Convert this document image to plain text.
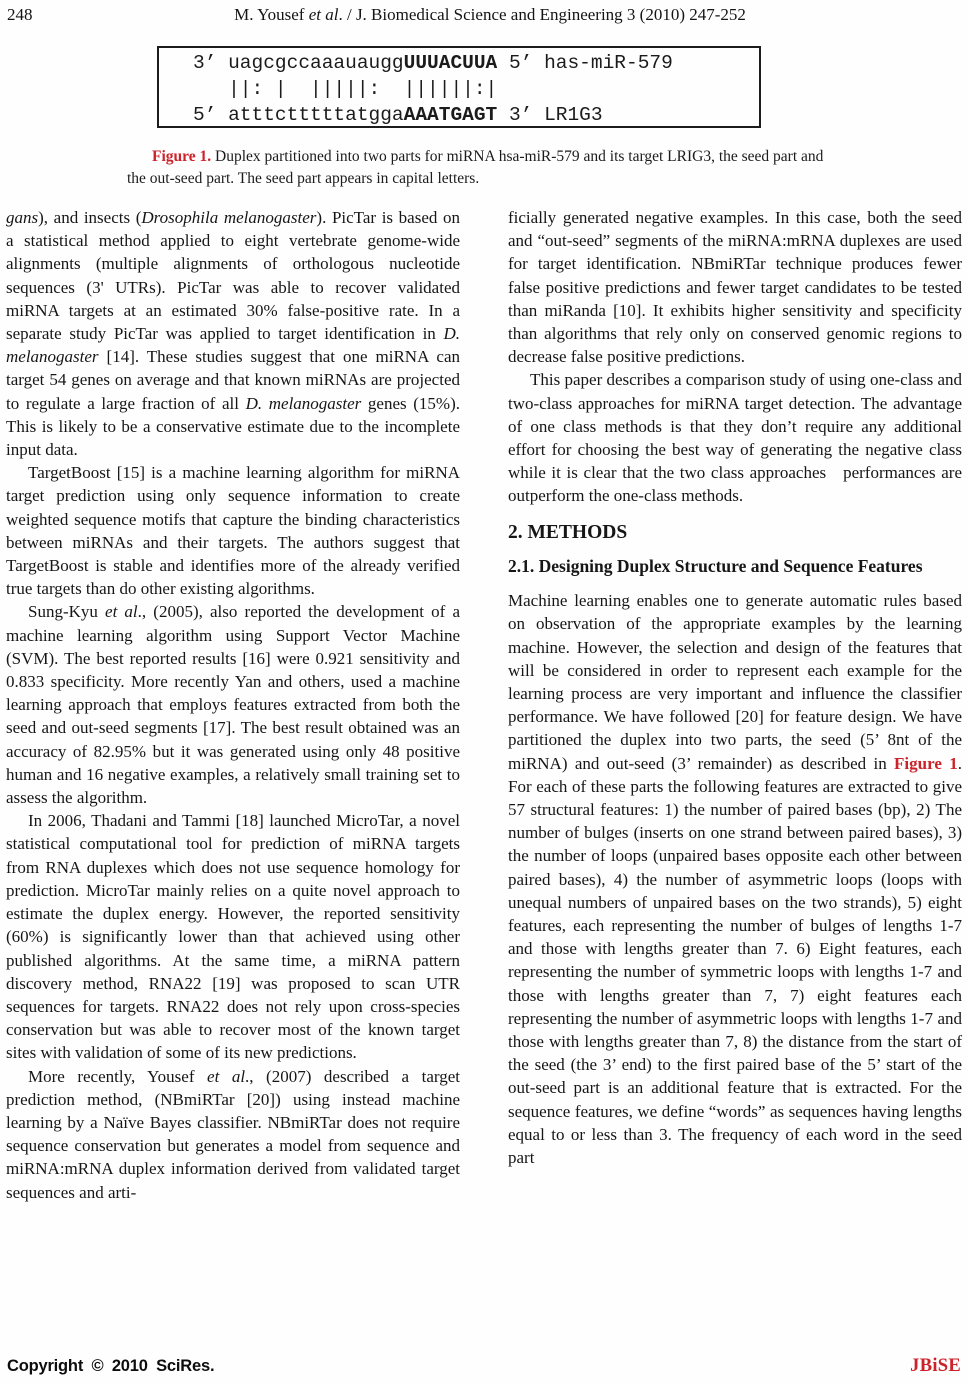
248	M. Yousef et al. / J. Biomedical Science and Engineering 3 (2010) 247-252
3’ uagcgccaaauauggUUUACUUA 5’ has-miR-579
||: |  |||||:  ||||||:|
5’ atttctttttatggaAAATGAGT 3’ LR1G3
Figure 1. Duplex partitioned into two parts for miRNA hsa-miR-579 and its target LRIG3, the seed part and the out-seed part. The seed part appears in capital letters.
gans), and insects (Drosophila melanogaster). PicTar is based on a statistical method applied to eight vertebrate genome-wide alignments (multiple alignments of orthologous nucleotide sequences (3' UTRs). PicTar was able to recover validated miRNA targets at an estimated 30% false-positive rate. In a separate study PicTar was applied to target identification in D. melanogaster [14]. These studies suggest that one miRNA can target 54 genes on average and that known miRNAs are projected to regulate a large fraction of all D. melanogaster genes (15%). This is likely to be a conservative estimate due to the incomplete input data.
TargetBoost [15] is a machine learning algorithm for miRNA target prediction using only sequence information to create weighted sequence motifs that capture the binding characteristics between miRNAs and their targets. The authors suggest that TargetBoost is stable and identifies more of the already verified true targets than do other existing algorithms.
Sung-Kyu et al., (2005), also reported the development of a machine learning algorithm using Support Vector Machine (SVM). The best reported results [16] were 0.921 sensitivity and 0.833 specificity. More recently Yan and others, used a machine learning approach that employs features extracted from both the seed and out-seed segments [17]. The best result obtained was an accuracy of 82.95% but it was generated using only 48 positive human and 16 negative examples, a relatively small training set to assess the algorithm.
In 2006, Thadani and Tammi [18] launched MicroTar, a novel statistical computational tool for prediction of miRNA targets from RNA duplexes which does not use sequence homology for prediction. MicroTar mainly relies on a quite novel approach to estimate the duplex energy. However, the reported sensitivity (60%) is significantly lower than that achieved using other published algorithms. At the same time, a miRNA pattern discovery method, RNA22 [19] was proposed to scan UTR sequences for targets. RNA22 does not rely upon cross-species conservation but was able to recover most of the known target sites with validation of some of its new predictions.
More recently, Yousef et al., (2007) described a target prediction method, (NBmiRTar [20]) using instead machine learning by a Naïve Bayes classifier. NBmiRTar does not require sequence conservation but generates a model from sequence and miRNA:mRNA duplex information derived from validated target sequences and arti-
ficially generated negative examples. In this case, both the seed and “out-seed” segments of the miRNA:mRNA duplexes are used for target identification. NBmiRTar technique produces fewer false positive predictions and fewer target candidates to be tested than miRanda [10]. It exhibits higher sensitivity and specificity than algorithms that rely only on conserved genomic regions to decrease false positive predictions.
This paper describes a comparison study of using one-class and two-class approaches for miRNA target detection. The advantage of one class methods is that they don’t require any additional effort for choosing the best way of generating the negative class while it is clear that the two class approaches   performances are outperform the one-class methods.
2. METHODS
2.1. Designing Duplex Structure and Sequence Features
Machine learning enables one to generate automatic rules based on observation of the appropriate examples by the learning machine. However, the selection and design of the features that will be considered in order to represent each example for the learning process are very important and influence the classifier performance. We have followed [20] for feature design. We have partitioned the duplex into two parts, the seed (5’ 8nt of the miRNA) and out-seed (3’ remainder) as described in Figure 1. For each of these parts the following features are extracted to give 57 structural features: 1) the number of paired bases (bp), 2) The number of bulges (inserts on one strand between paired bases), 3) the number of loops (unpaired bases opposite each other between paired bases), 4) the number of asymmetric loops (loops with unequal numbers of unpaired bases on the two strands), 5) eight features, each representing the number of bulges of lengths 1-7 and those with lengths greater than 7. 6) Eight features, each representing the number of symmetric loops with lengths 1-7 and those with lengths greater than 7, 7) eight features each representing the number of asymmetric loops with lengths 1-7 and those with lengths greater than 7, 8) the distance from the start of the seed (the 3’ end) to the first paired base of the 5’ start of the out-seed part is an additional feature that is extracted. For the sequence features, we define “words” as sequences having lengths equal to or less than 3. The frequency of each word in the seed part
Copyright © 2010 SciRes.	JBiSE
